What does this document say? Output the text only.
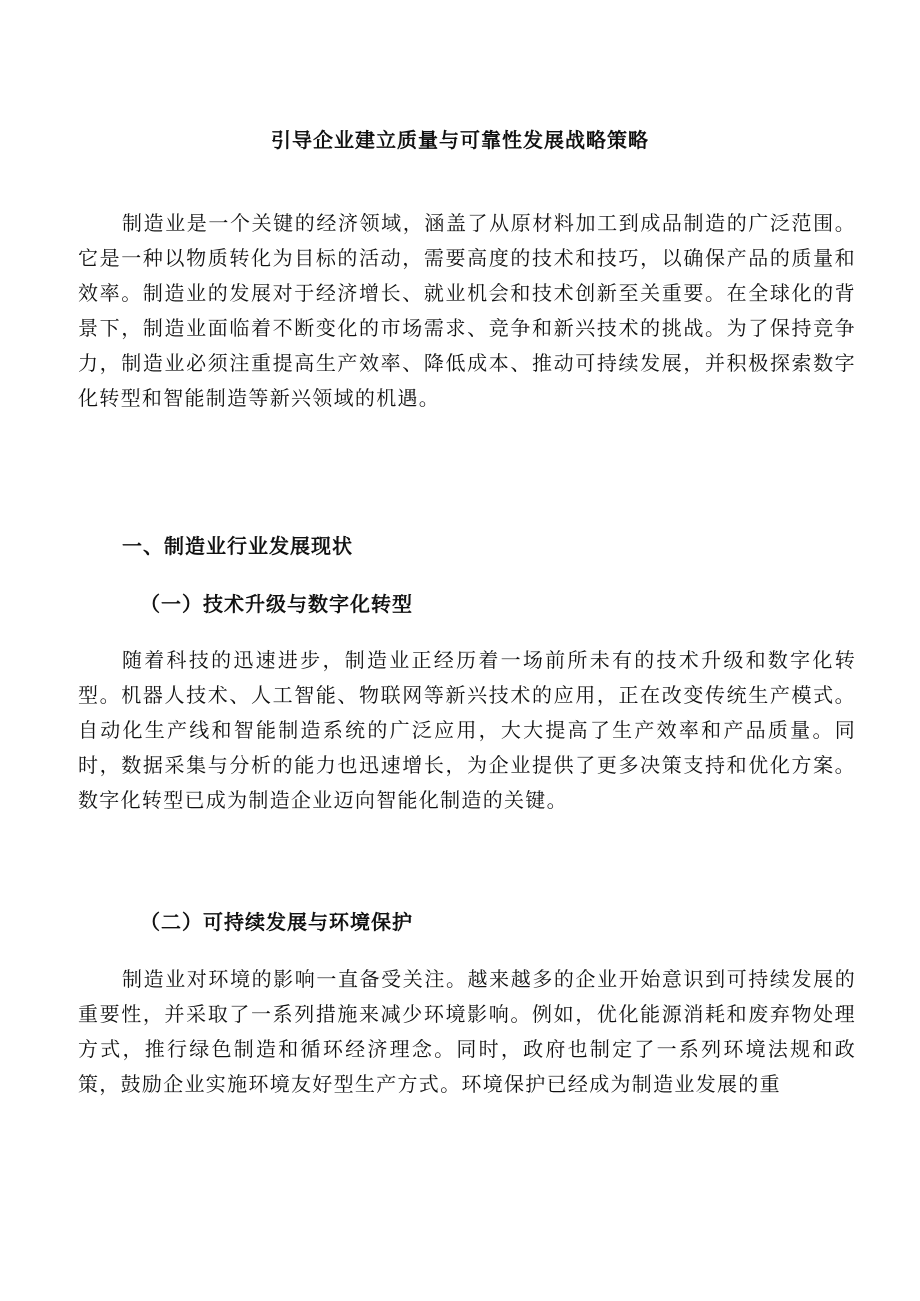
引导企业建立质量与可靠性发展战略策略

制造业是一个关键的经济领域，涵盖了从原材料加工到成品制造的广泛范围。它是一种以物质转化为目标的活动，需要高度的技术和技巧，以确保产品的质量和效率。制造业的发展对于经济增长、就业机会和技术创新至关重要。在全球化的背景下，制造业面临着不断变化的市场需求、竞争和新兴技术的挑战。为了保持竞争力，制造业必须注重提高生产效率、降低成本、推动可持续发展，并积极探索数字化转型和智能制造等新兴领域的机遇。

一、制造业行业发展现状
（一）技术升级与数字化转型

随着科技的迅速进步，制造业正经历着一场前所未有的技术升级和数字化转型。机器人技术、人工智能、物联网等新兴技术的应用，正在改变传统生产模式。自动化生产线和智能制造系统的广泛应用，大大提高了生产效率和产品质量。同时，数据采集与分析的能力也迅速增长，为企业提供了更多决策支持和优化方案。数字化转型已成为制造企业迈向智能化制造的关键。

（二）可持续发展与环境保护

制造业对环境的影响一直备受关注。越来越多的企业开始意识到可持续发展的重要性，并采取了一系列措施来减少环境影响。例如，优化能源消耗和废弃物处理方式，推行绿色制造和循环经济理念。同时，政府也制定了一系列环境法规和政策，鼓励企业实施环境友好型生产方式。环境保护已经成为制造业发展的重
